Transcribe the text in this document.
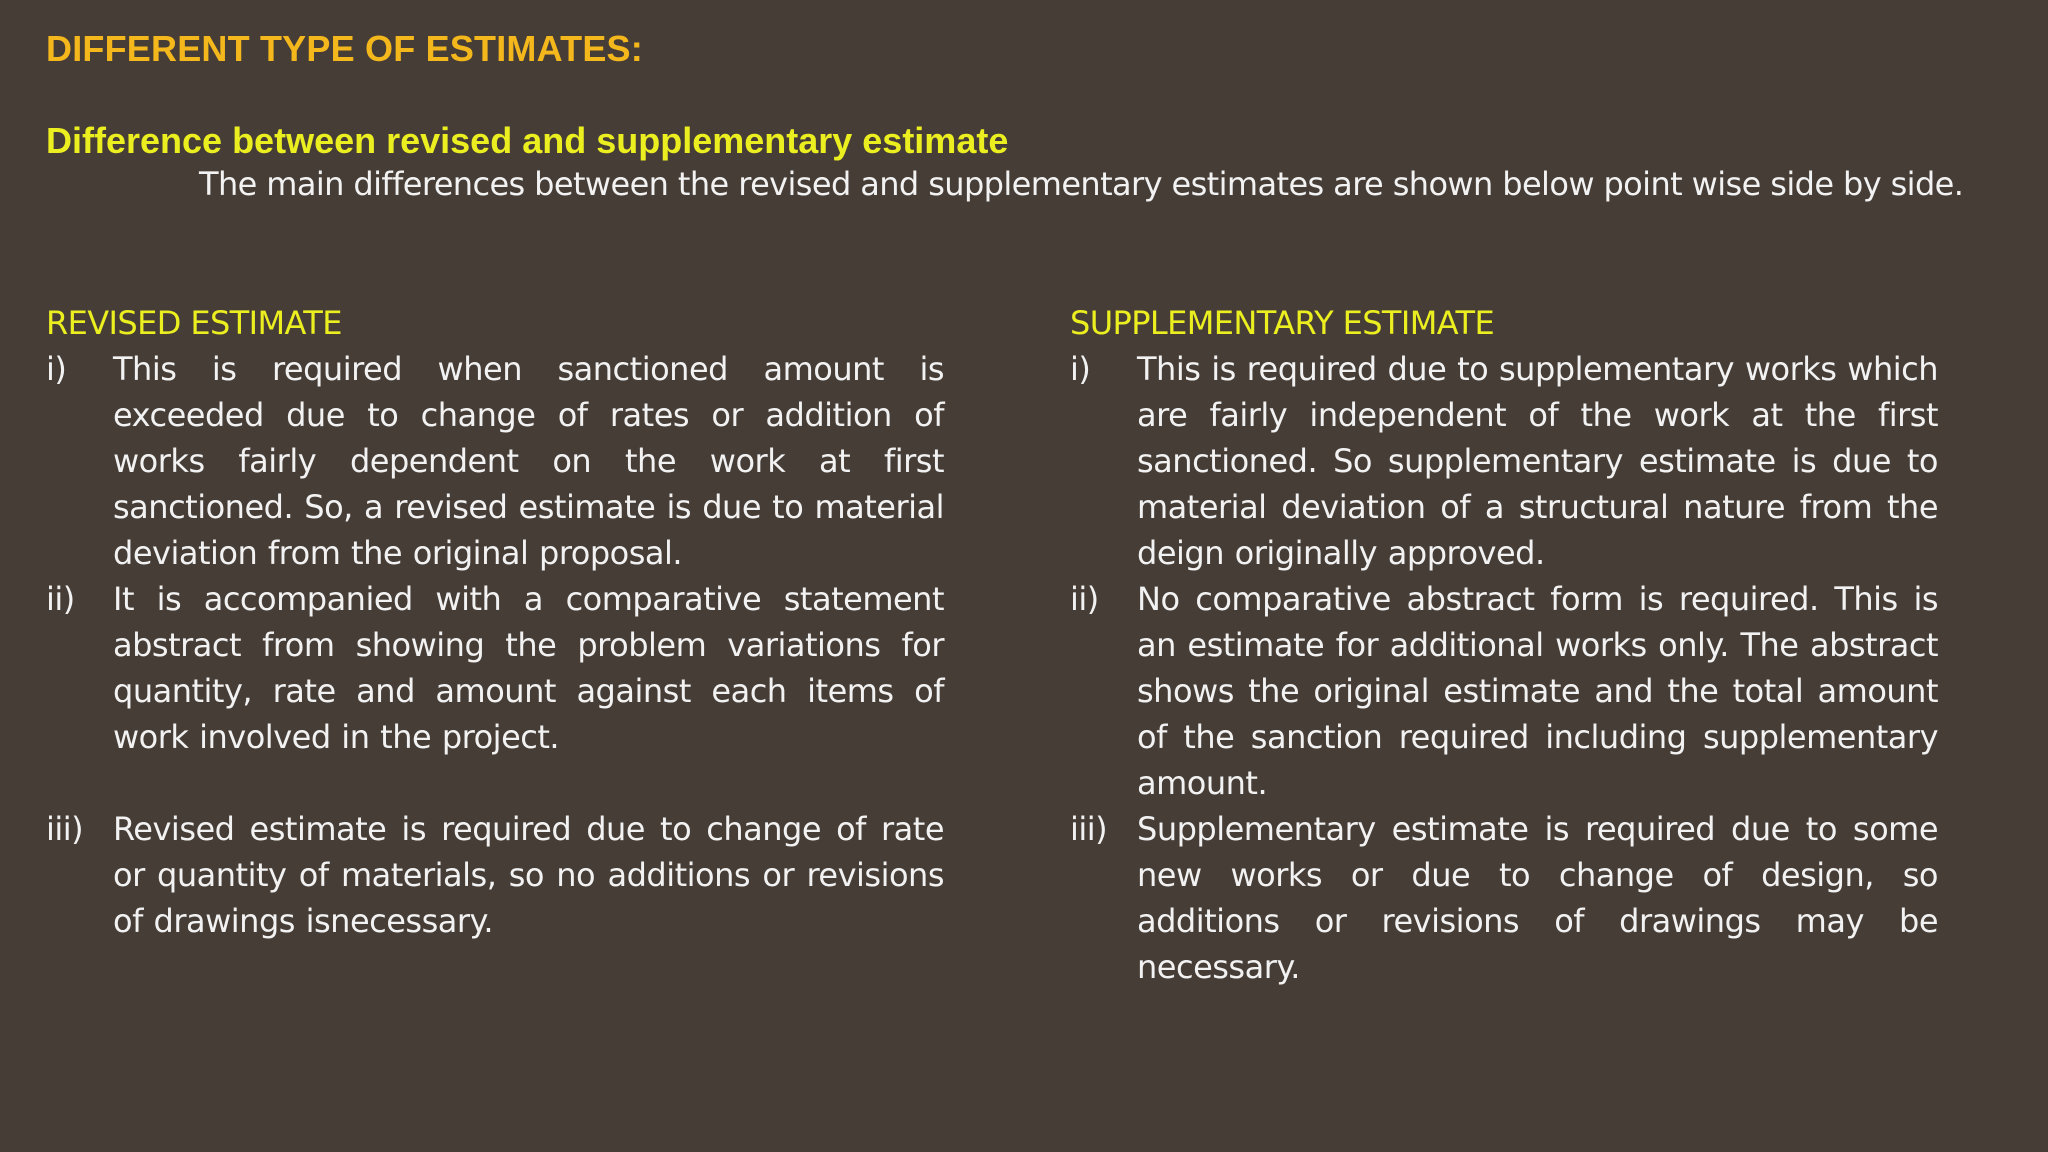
DIFFERENT TYPE OF ESTIMATES:
Difference between revised and supplementary estimate
The main differences between the revised and supplementary estimates are shown below point wise side by side.
REVISED ESTIMATE
i) This is required when sanctioned amount is exceeded due to change of rates or addition of works fairly dependent on the work at first sanctioned. So, a revised estimate is due to material deviation from the original proposal.
ii) It is accompanied with a comparative statement abstract from showing the problem variations for quantity, rate and amount against each items of work involved in the project.
iii) Revised estimate is required due to change of rate or quantity of materials, so no additions or revisions of drawings isnecessary.
SUPPLEMENTARY ESTIMATE
i) This is required due to supplementary works which are fairly independent of the work at the first sanctioned. So supplementary estimate is due to material deviation of a structural nature from the deign originally approved.
ii) No comparative abstract form is required. This is an estimate for additional works only. The abstract shows the original estimate and the total amount of the sanction required including supplementary amount.
iii) Supplementary estimate is required due to some new works or due to change of design, so additions or revisions of drawings may be necessary.
